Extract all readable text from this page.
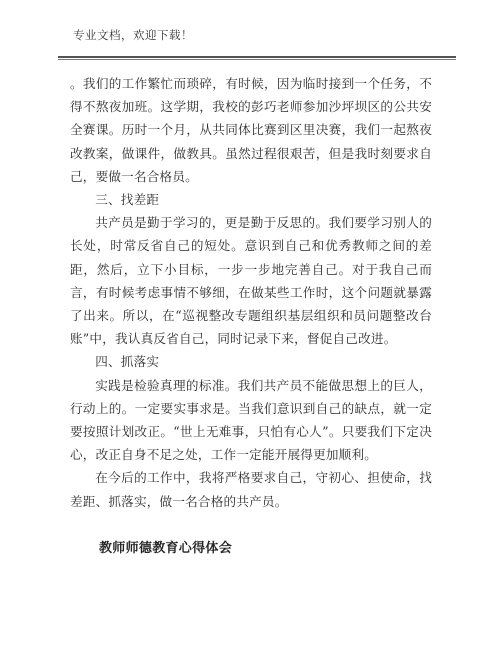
专业文档，欢迎下载！

。我们的工作繁忙而琐碎，有时候，因为临时接到一个任务，不得不熬夜加班。这学期，我校的彭巧老师参加沙坪坝区的公共安全赛课。历时一个月，从共同体比赛到区里决赛，我们一起熬夜改教案，做课件，做教具。虽然过程很艰苦，但是我时刻要求自己，要做一名合格员。

三、找差距

共产员是勤于学习的，更是勤于反思的。我们要学习别人的长处，时常反省自己的短处。意识到自己和优秀教师之间的差距，然后，立下小目标，一步一步地完善自己。对于我自己而言，有时候考虑事情不够细，在做某些工作时，这个问题就暴露了出来。所以，在“巡视整改专题组织基层组织和员问题整改台账”中，我认真反省自己，同时记录下来，督促自己改进。

四、抓落实

实践是检验真理的标准。我们共产员不能做思想上的巨人，行动上的。一定要实事求是。当我们意识到自己的缺点，就一定要按照计划改正。“世上无难事，只怕有心人”。只要我们下定决心，改正自身不足之处，工作一定能开展得更加顺利。

在今后的工作中，我将严格要求自己，守初心、担使命，找差距、抓落实，做一名合格的共产员。

教师师德教育心得体会
